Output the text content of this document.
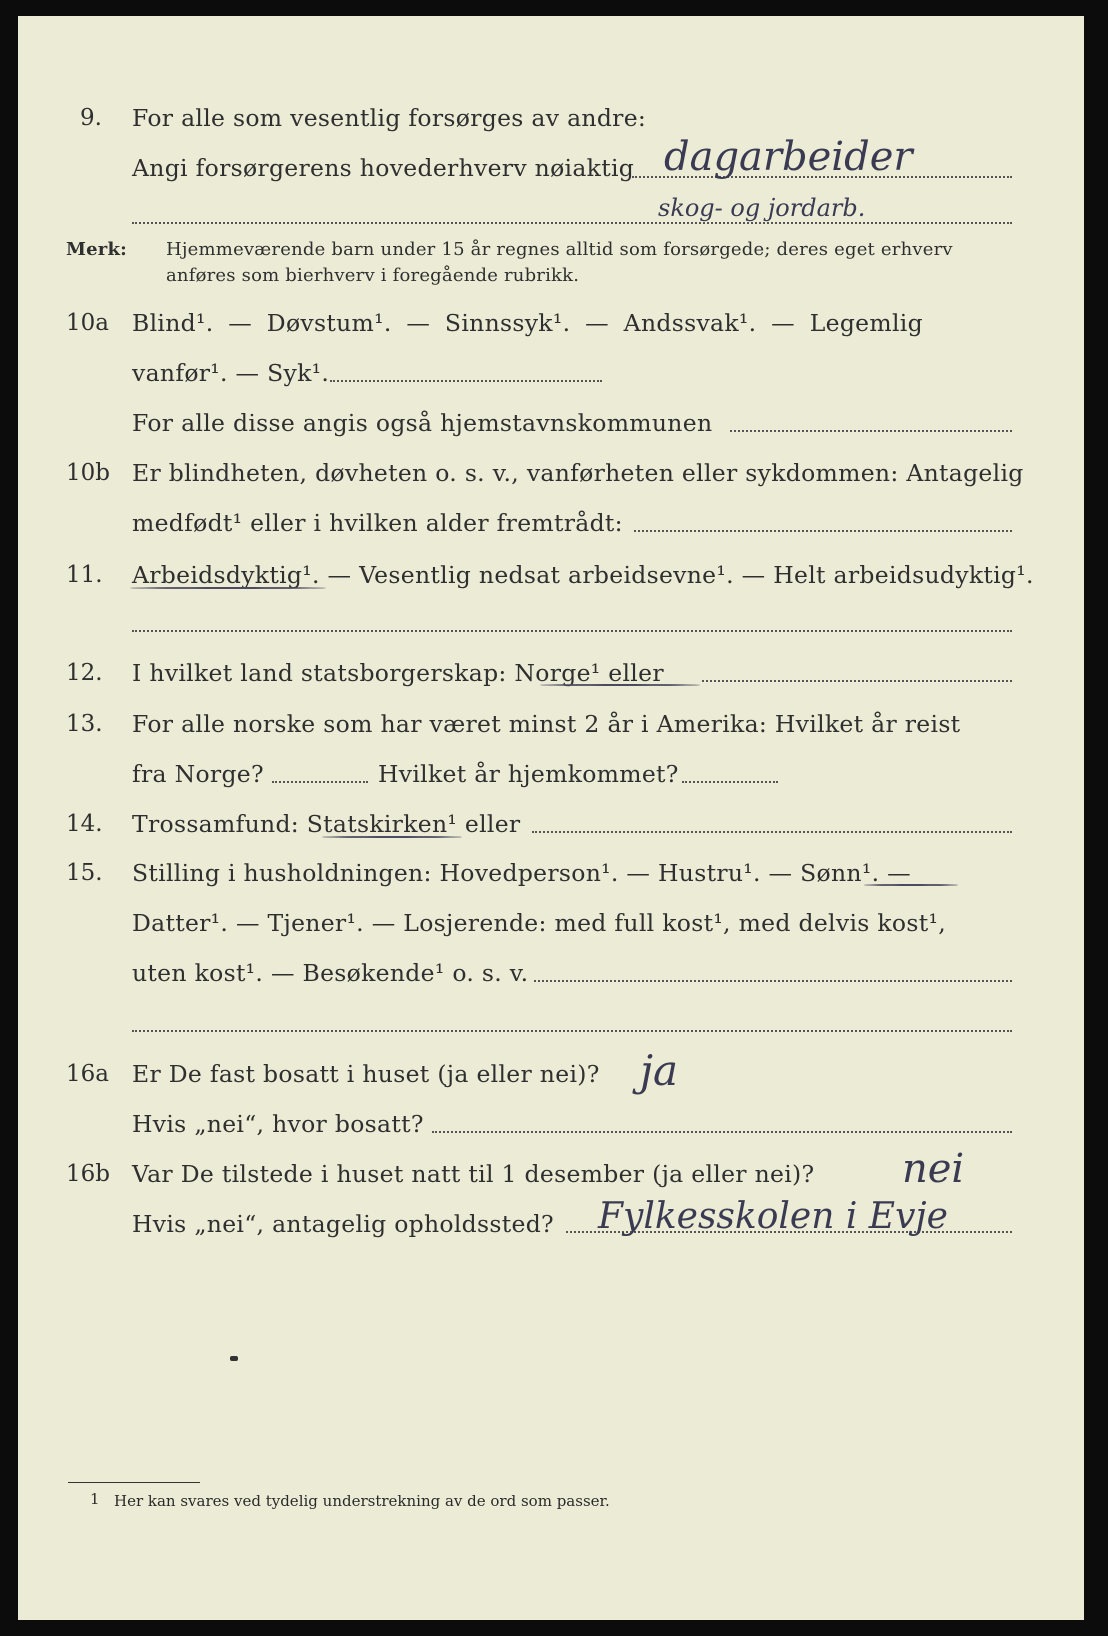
9. For alle som vesentlig forsørges av andre:
Angi forsørgerens hovederhverv nøiaktig dagarbeider
skog- og jordarb.
Merk: Hjemmeværende barn under 15 år regnes alltid som forsørgede; deres eget erhverv
anføres som bierhverv i foregående rubrikk.
10a Blind¹. — Døvstum¹. — Sinnssyk¹. — Andssvak¹. — Legemlig
vanfør¹. — Syk¹.
For alle disse angis også hjemstavnskommunen
10b Er blindheten, døvheten o. s. v., vanførheten eller sykdommen: Antagelig
medfødt¹ eller i hvilken alder fremtrådt:
11. Arbeidsdyktig¹. — Vesentlig nedsat arbeidsevne¹. — Helt arbeidsudyktig¹.
12. I hvilket land statsborgerskap: Norge¹ eller
13. For alle norske som har været minst 2 år i Amerika: Hvilket år reist
fra Norge?	Hvilket år hjemkommet?
14. Trossamfund: Statskirken¹ eller
15. Stilling i husholdningen: Hovedperson¹. — Hustru¹. — Sønn¹. —
Datter¹. — Tjener¹. — Losjerende: med full kost¹, med delvis kost¹,
uten kost¹. — Besøkende¹ o. s. v.
16a Er De fast bosatt i huset (ja eller nei)? ja
Hvis „nei“, hvor bosatt?
16b Var De tilstede i huset natt til 1 desember (ja eller nei)? nei
Hvis „nei“, antagelig opholdssted? Fylkesskolen i Evje
1 Her kan svares ved tydelig understrekning av de ord som passer.
